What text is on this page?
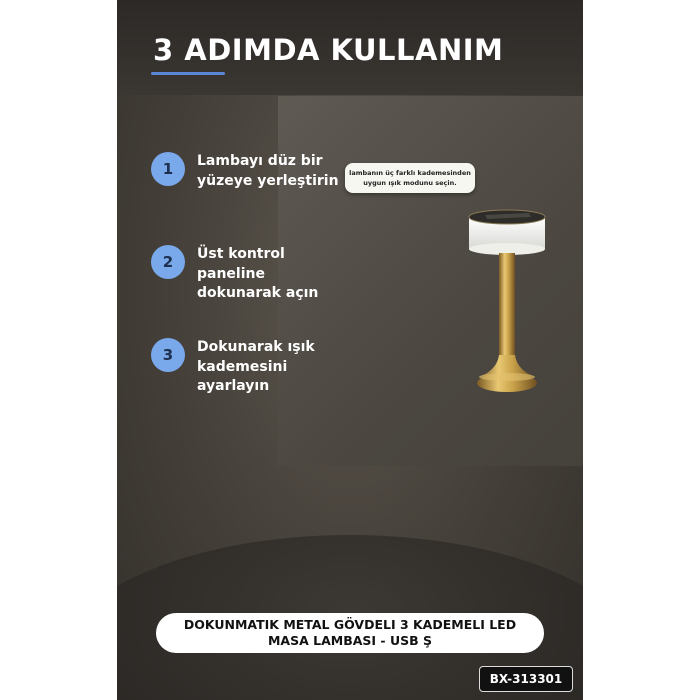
3 ADIMDA KULLANIM
1	Lambayı düz bir yüzeye yerleştirin
2	Üst kontrol paneline dokunarak açın
3	Dokunarak ışık kademesini ayarlayın
lambanın üç farklı kademesinden uygun ışık modunu seçin.
DOKUNMATIK METAL GÖVDELI 3 KADEMELI LED MASA LAMBASI - USB Ş
BX-313301
